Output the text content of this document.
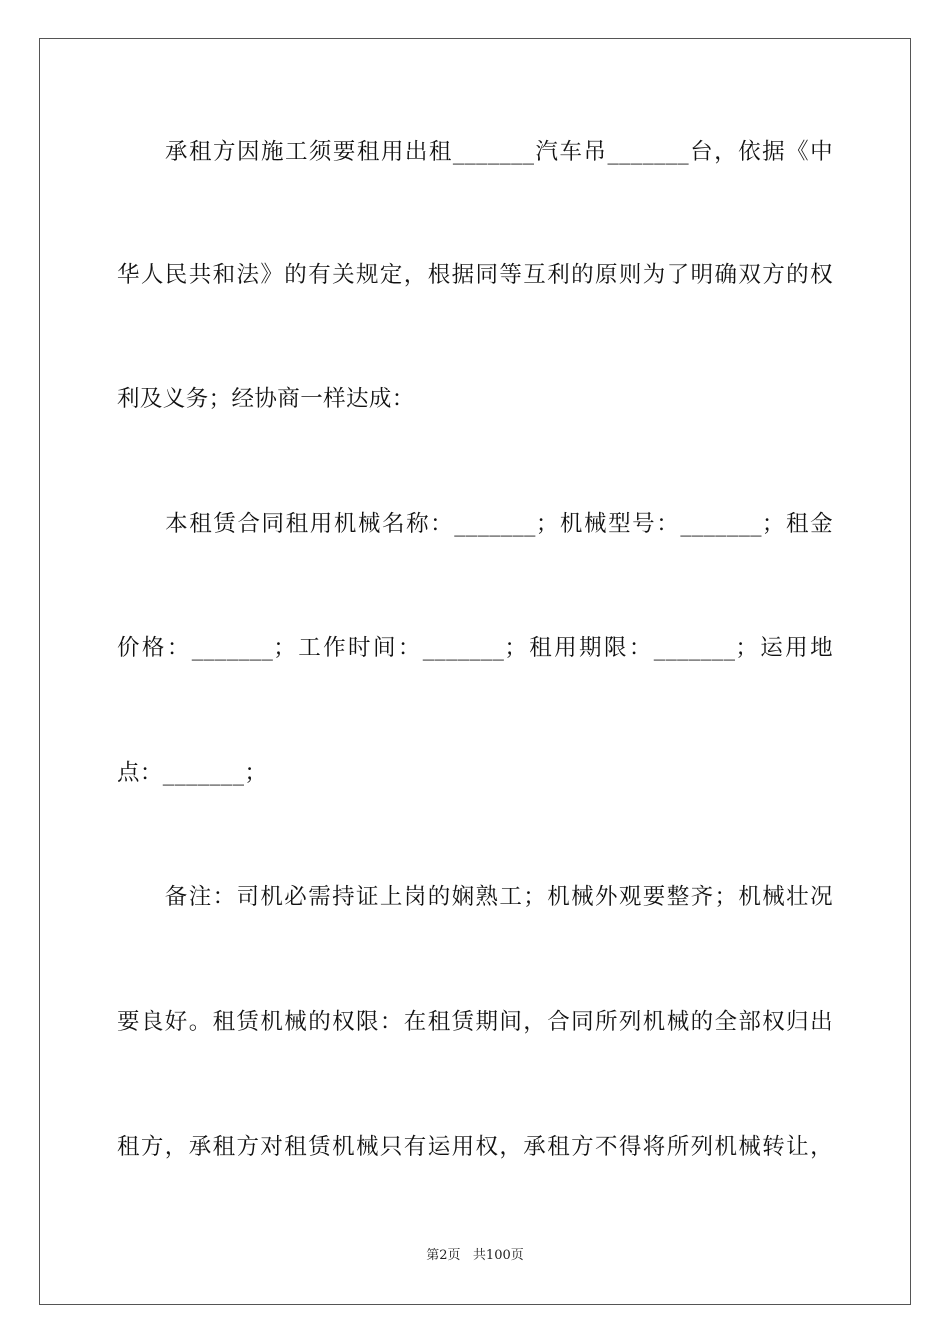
　　承租方因施工须要租用出租_______汽车吊_______台，依据《中
华人民共和法》的有关规定，根据同等互利的原则为了明确双方的权
利及义务；经协商一样达成：
　　本租赁合同租用机械名称：_______；机械型号：_______；租金
价格：_______；工作时间：_______；租用期限：_______；运用地
点：_______；
　　备注：司机必需持证上岗的娴熟工；机械外观要整齐；机械壮况
要良好。租赁机械的权限：在租赁期间，合同所列机械的全部权归出
租方，承租方对租赁机械只有运用权，承租方不得将所列机械转让，
第2页 共100页
